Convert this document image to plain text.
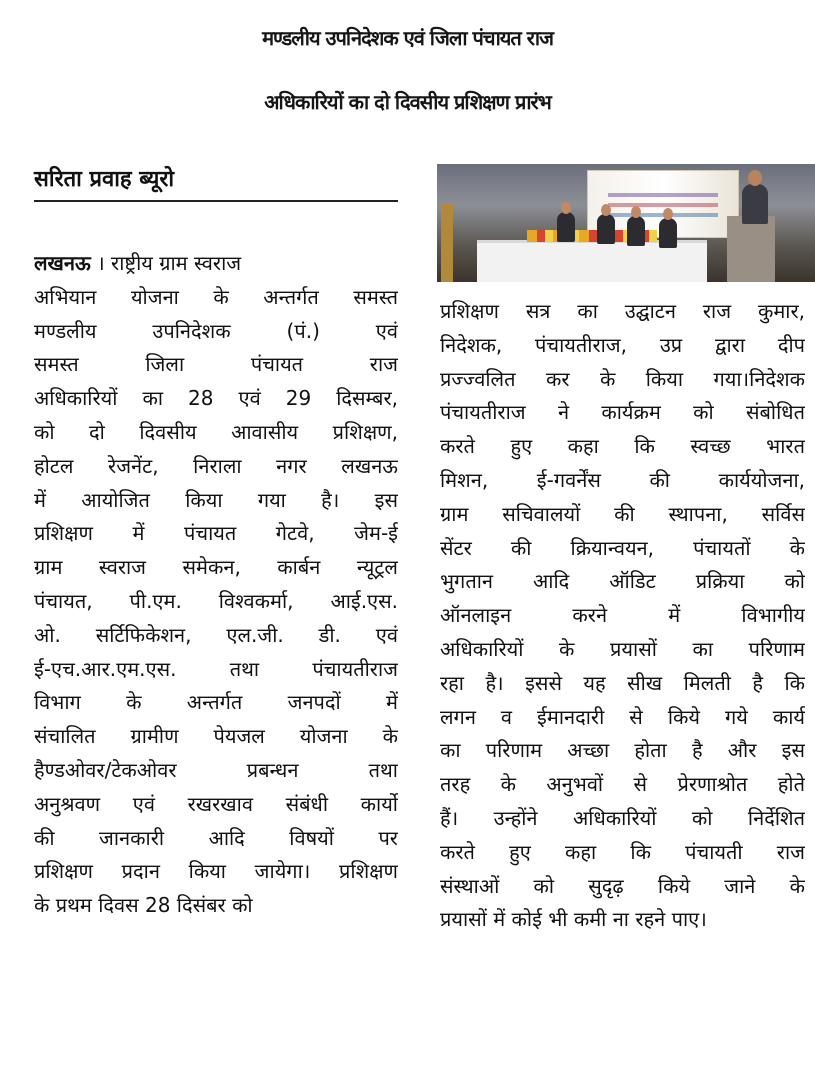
मण्डलीय उपनिदेशक एवं जिला पंचायत राज
अधिकारियों का दो दिवसीय प्रशिक्षण प्रारंभ
सरिता प्रवाह ब्यूरो
लखनऊ । राष्ट्रीय ग्राम स्वराज
अभियान योजना के अन्तर्गत समस्त
मण्डलीय उपनिदेशक (पं.) एवं
समस्त जिला पंचायत राज
अधिकारियों का 28 एवं 29 दिसम्बर,
को दो दिवसीय आवासीय प्रशिक्षण,
होटल रेजनेंट, निराला नगर लखनऊ
में आयोजित किया गया है। इस
प्रशिक्षण में पंचायत गेटवे, जेम-ई
ग्राम स्वराज समेकन, कार्बन न्यूट्रल
पंचायत, पी.एम. विश्वकर्मा, आई.एस.
ओ. सर्टिफिकेशन, एल.जी. डी. एवं
ई-एच.आर.एम.एस. तथा पंचायतीराज
विभाग के अन्तर्गत जनपदों में
संचालित ग्रामीण पेयजल योजना के
हैण्डओवर/टेकओवर प्रबन्धन तथा
अनुश्रवण एवं रखरखाव संबंधी कार्यो
की जानकारी आदि विषयों पर
प्रशिक्षण प्रदान किया जायेगा। प्रशिक्षण
के प्रथम दिवस 28 दिसंबर को
प्रशिक्षण सत्र का उद्घाटन राज कुमार,
निदेशक, पंचायतीराज, उप्र द्वारा दीप
प्रज्ज्वलित कर के किया गया।निदेशक
पंचायतीराज ने कार्यक्रम को संबोधित
करते हुए कहा कि स्वच्छ भारत
मिशन, ई-गवर्नेंस की कार्ययोजना,
ग्राम सचिवालयों की स्थापना, सर्विस
सेंटर की क्रियान्वयन, पंचायतों के
भुगतान आदि ऑडिट प्रक्रिया को
ऑनलाइन करने में विभागीय
अधिकारियों के प्रयासों का परिणाम
रहा है। इससे यह सीख मिलती है कि
लगन व ईमानदारी से किये गये कार्य
का परिणाम अच्छा होता है और इस
तरह के अनुभवों से प्रेरणाश्रोत होते
हैं। उन्होंने अधिकारियों को निर्देशित
करते हुए कहा कि पंचायती राज
संस्थाओं को सुदृढ़ किये जाने के
प्रयासों में कोई भी कमी ना रहने पाए।
